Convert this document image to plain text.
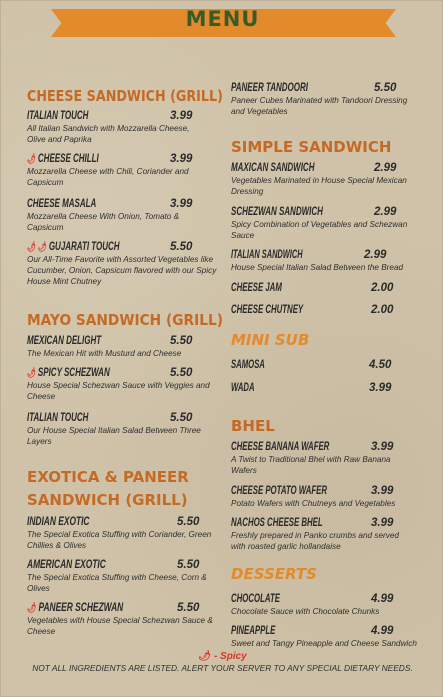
MENU
CHEESE SANDWICH (GRILL)
ITALIAN TOUCH	3.99
All Italian Sandwich with Mozzarella Cheese, Olive and Paprika
🌶 CHEESE CHILLI	3.99
Mozzarella Cheese with Chili, Coriander and Capsicum
CHEESE MASALA	3.99
Mozzarella Cheese With Onion, Tomato & Capsicum
🌶 🌶 GUJARATI TOUCH	5.50
Our All-Time Favorite with Assorted Vegetables like Cucumber, Onion, Capsicum flavored with our Spicy House Mint Chutney
MAYO SANDWICH (GRILL)
MEXICAN DELIGHT	5.50
The Mexican Hit with Musturd and Cheese
🌶 SPICY SCHEZWAN	5.50
House Special Schezwan Sauce with Veggies and Cheese
ITALIAN TOUCH	5.50
Our House Special Italian Salad Between Three Layers
EXOTICA & PANEER
SANDWICH (GRILL)
INDIAN EXOTIC	5.50
The Special Exotica Stuffing with Coriander, Green Chillies & Olives
AMERICAN EXOTIC	5.50
The Special Exotica Stuffing with Cheese, Corn & Olives
🌶 PANEER SCHEZWAN	5.50
Vegetables with House Special Schezwan Sauce & Cheese
PANEER TANDOORI	5.50
Paneer Cubes Marinated with Tandoori Dressing and Vegetables
SIMPLE SANDWICH
MAXICAN SANDWICH	2.99
Vegetables Marinated in House Special Mexican Dressing
SCHEZWAN SANDWICH	2.99
Spicy Combination of Vegetables and Schezwan Sauce
ITALIAN SANDWICH	2.99
House Special Italian Salad Between the Bread
CHEESE JAM	2.00
CHEESE CHUTNEY	2.00
MINI SUB
SAMOSA	4.50
WADA	3.99
BHEL
CHEESE BANANA WAFER	3.99
A Twist to Traditional Bhel with Raw Banana Wafers
CHEESE POTATO WAFER	3.99
Potato Wafers with Chutneys and Vegetables
NACHOS CHEESE BHEL	3.99
Freshly prepared in Panko crumbs and served with roasted garlic hollandaise
DESSERTS
CHOCOLATE	4.99
Chocolate Sauce with Chocolate Chunks
PINEAPPLE	4.99
Sweet and Tangy Pineapple and Cheese Sandwich
🌶 - Spicy
NOT ALL INGREDIENTS ARE LISTED. ALERT YOUR SERVER TO ANY SPECIAL DIETARY NEEDS.
